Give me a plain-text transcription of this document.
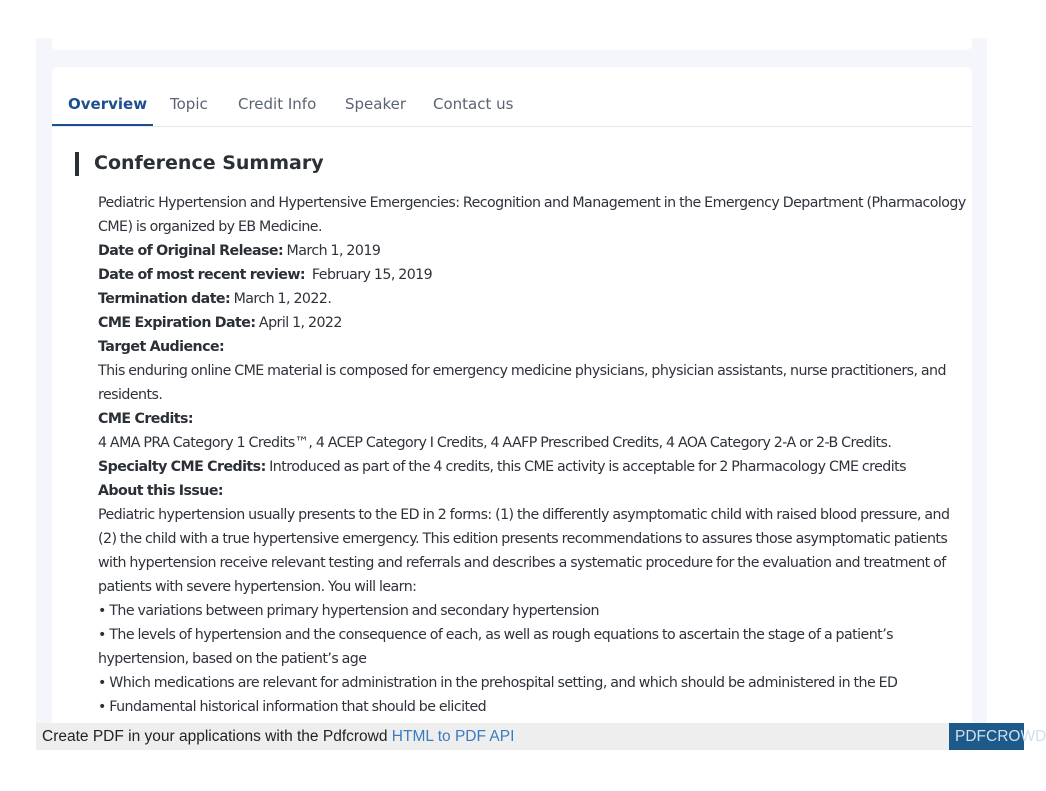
Overview Topic Credit Info Speaker Contact us
Conference Summary

Pediatric Hypertension and Hypertensive Emergencies: Recognition and Management in the Emergency Department (Pharmacology CME) is organized by EB Medicine.

Date of Original Release: March 1, 2019

Date of most recent review:  February 15, 2019

Termination date: March 1, 2022.

CME Expiration Date: April 1, 2022

Target Audience:

This enduring online CME material is composed for emergency medicine physicians, physician assistants, nurse practitioners, and residents.

CME Credits:

4 AMA PRA Category 1 Credits™, 4 ACEP Category I Credits, 4 AAFP Prescribed Credits, 4 AOA Category 2-A or 2-B Credits.

Specialty CME Credits: Introduced as part of the 4 credits, this CME activity is acceptable for 2 Pharmacology CME credits

About this Issue:

Pediatric hypertension usually presents to the ED in 2 forms: (1) the differently asymptomatic child with raised blood pressure, and (2) the child with a true hypertensive emergency. This edition presents recommendations to assures those asymptomatic patients with hypertension receive relevant testing and referrals and describes a systematic procedure for the evaluation and treatment of patients with severe hypertension. You will learn:

• The variations between primary hypertension and secondary hypertension

• The levels of hypertension and the consequence of each, as well as rough equations to ascertain the stage of a patient’s hypertension, based on the patient’s age

• Which medications are relevant for administration in the prehospital setting, and which should be administered in the ED

• Fundamental historical information that should be elicited

Create PDF in your applications with the Pdfcrowd HTML to PDF API	PDFCROWD
